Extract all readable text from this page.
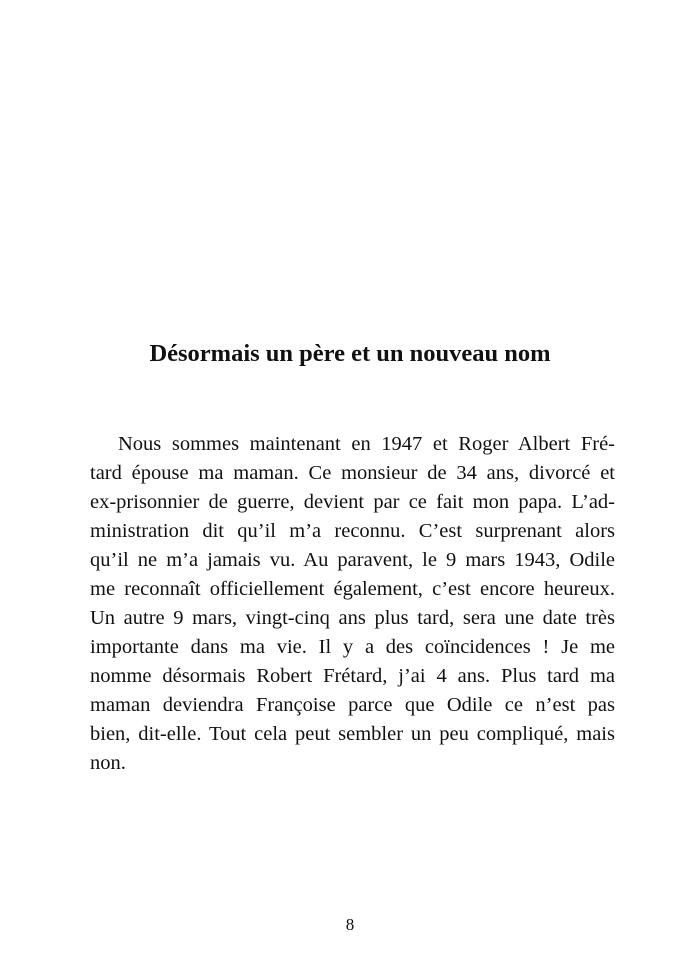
Désormais un père et un nouveau nom
Nous sommes maintenant en 1947 et Roger Albert Fré-
tard épouse ma maman. Ce monsieur de 34 ans, divorcé et
ex-prisonnier de guerre, devient par ce fait mon papa. L’ad-
ministration dit qu’il m’a reconnu. C’est surprenant alors
qu’il ne m’a jamais vu. Au paravent, le 9 mars 1943, Odile
me reconnaît officiellement également, c’est encore heureux.
Un autre 9 mars, vingt-cinq ans plus tard, sera une date très
importante dans ma vie. Il y a des coïncidences ! Je me
nomme désormais Robert Frétard, j’ai 4 ans. Plus tard ma
maman deviendra Françoise parce que Odile ce n’est pas
bien, dit-elle. Tout cela peut sembler un peu compliqué, mais
non.
8
